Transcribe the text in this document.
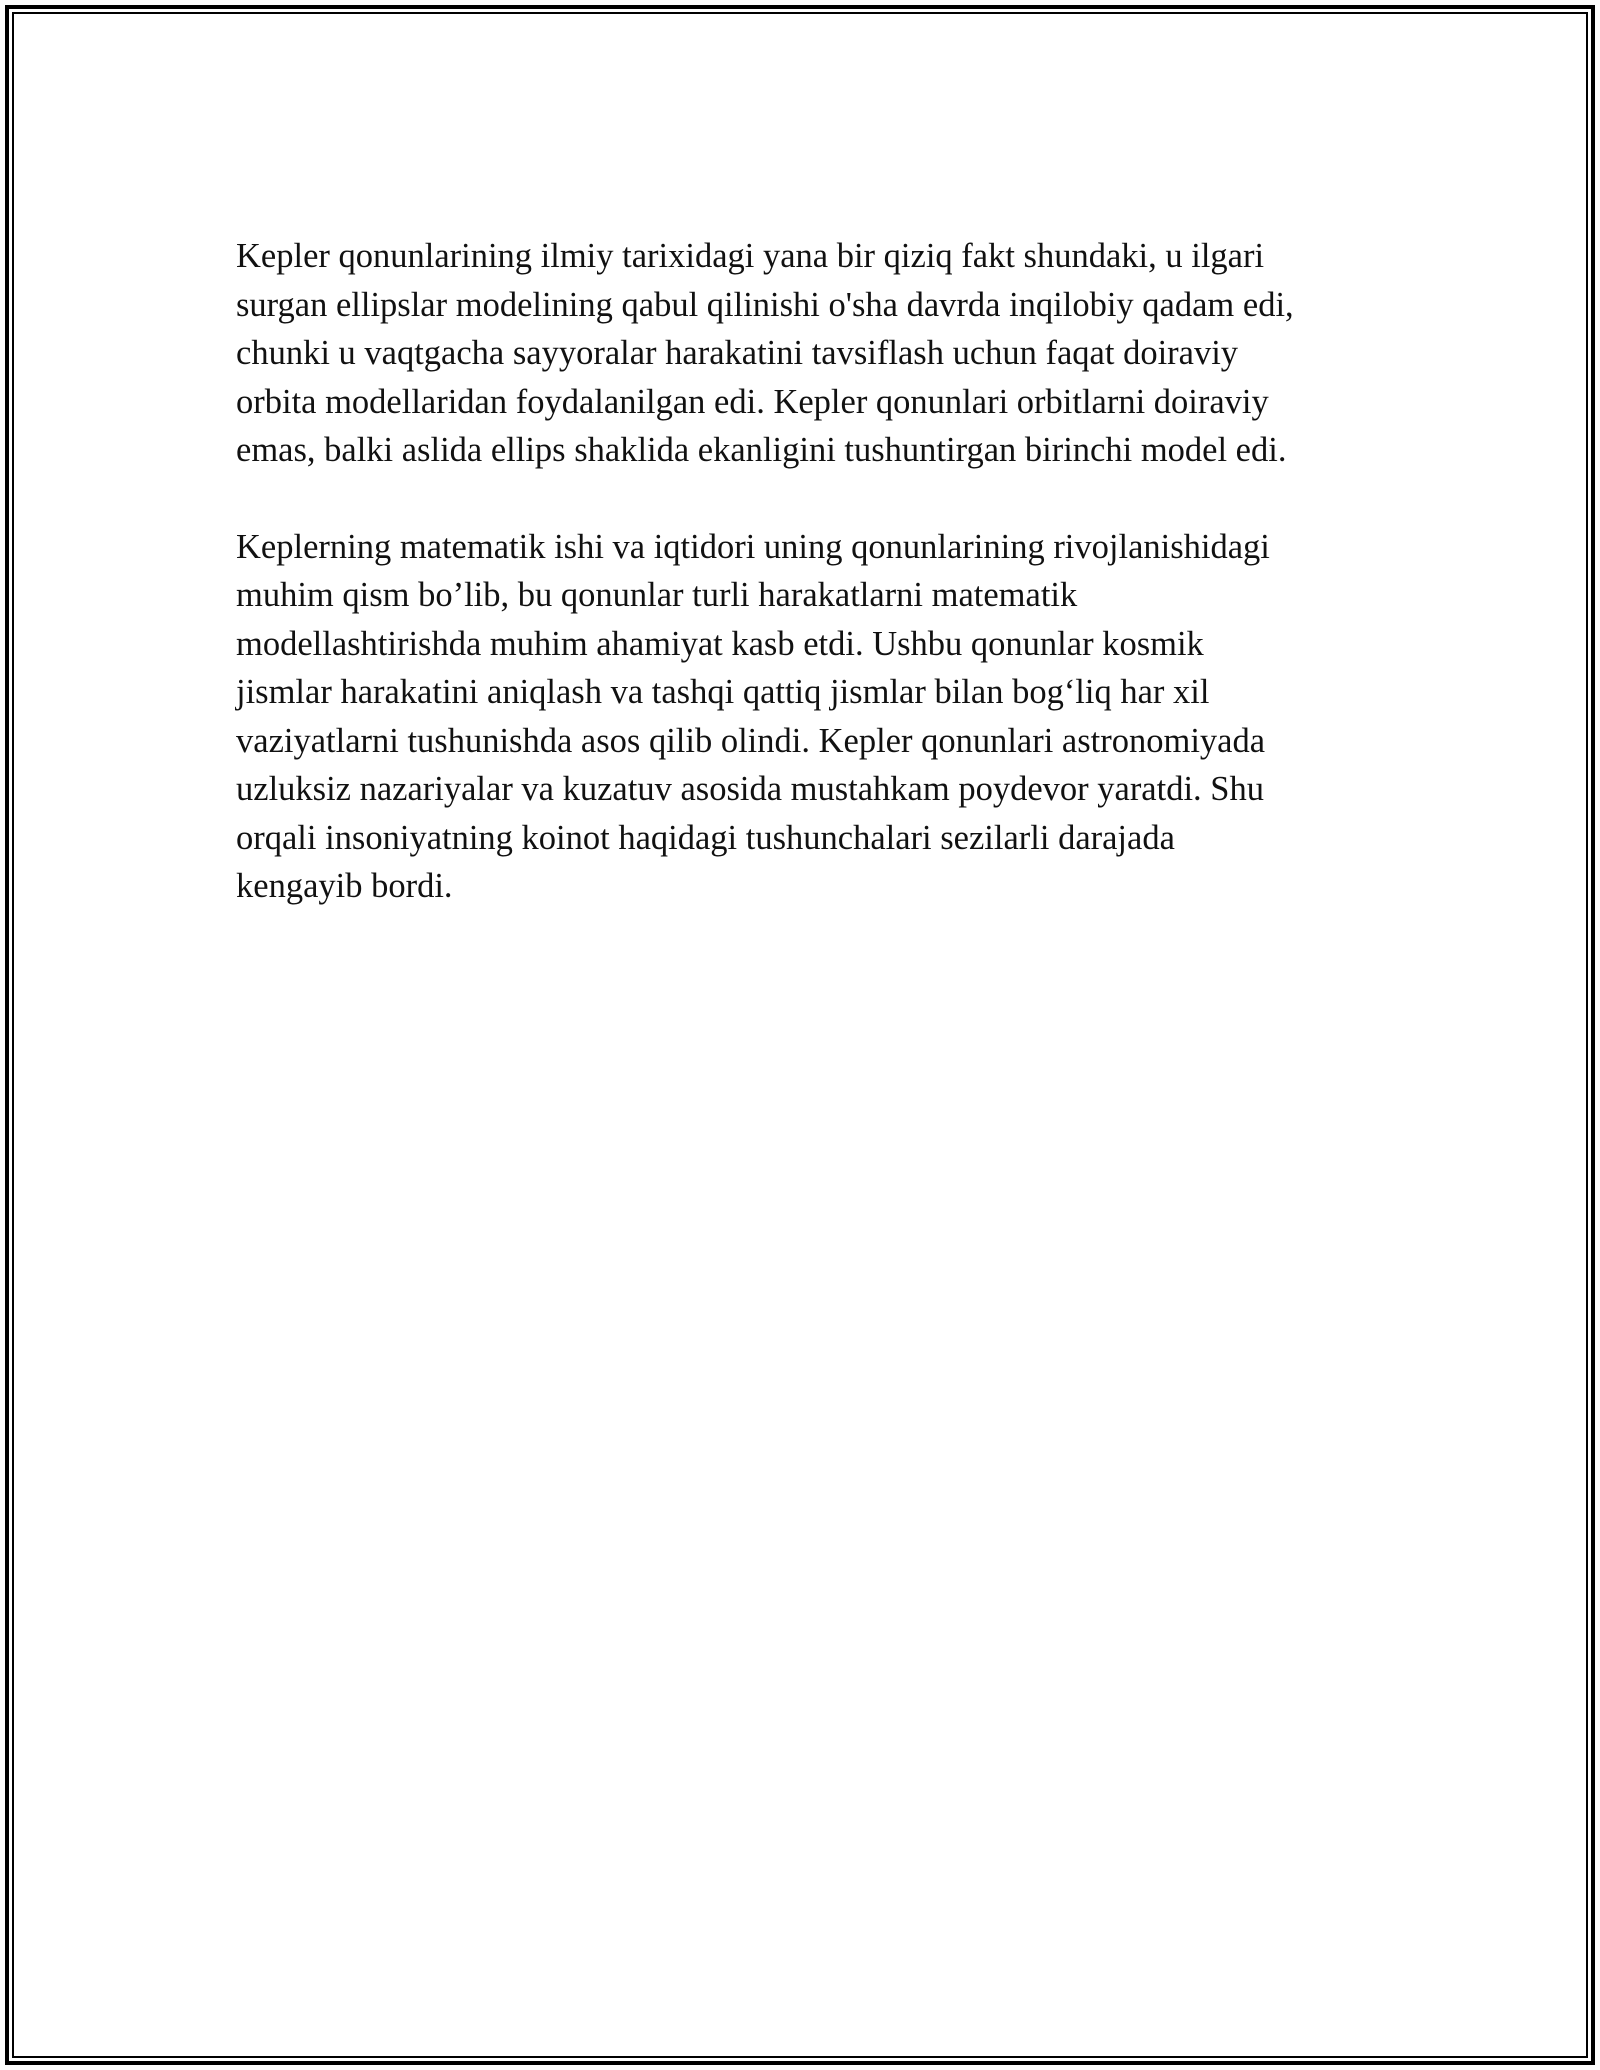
Kepler qonunlarining ilmiy tarixidagi yana bir qiziq fakt shundaki, u ilgari
surgan ellipslar modelining qabul qilinishi o'sha davrda inqilobiy qadam edi,
chunki u vaqtgacha sayyoralar harakatini tavsiflash uchun faqat doiraviy
orbita modellaridan foydalanilgan edi. Kepler qonunlari orbitlarni doiraviy
emas, balki aslida ellips shaklida ekanligini tushuntirgan birinchi model edi.

Keplerning matematik ishi va iqtidori uning qonunlarining rivojlanishidagi
muhim qism bo’lib, bu qonunlar turli harakatlarni matematik
modellashtirishda muhim ahamiyat kasb etdi. Ushbu qonunlar kosmik
jismlar harakatini aniqlash va tashqi qattiq jismlar bilan bog‘liq har xil
vaziyatlarni tushunishda asos qilib olindi. Kepler qonunlari astronomiyada
uzluksiz nazariyalar va kuzatuv asosida mustahkam poydevor yaratdi. Shu
orqali insoniyatning koinot haqidagi tushunchalari sezilarli darajada
kengayib bordi.
